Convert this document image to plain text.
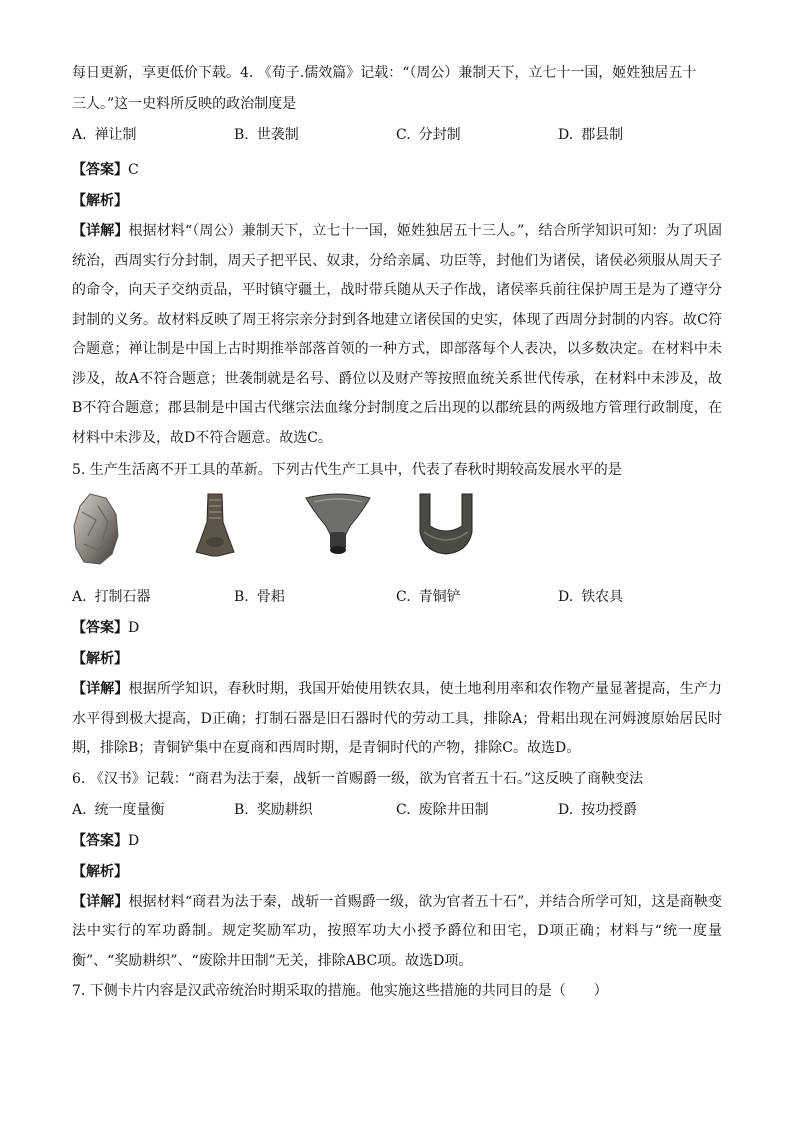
每日更新，享更低价下载。4. 《荀子.儒效篇》记载：“（周公）兼制天下，立七十一国，姬姓独居五十
三人。”这一史料所反映的政治制度是
A. 禅让制	B. 世袭制	C. 分封制	D. 郡县制
【答案】C
【解析】
【详解】根据材料“（周公）兼制天下，立七十一国，姬姓独居五十三人。”，结合所学知识可知：为了巩固统治，西周实行分封制，周天子把平民、奴隶，分给亲属、功臣等，封他们为诸侯，诸侯必须服从周天子的命令，向天子交纳贡品，平时镇守疆土，战时带兵随从天子作战，诸侯率兵前往保护周王是为了遵守分封制的义务。故材料反映了周王将宗亲分封到各地建立诸侯国的史实，体现了西周分封制的内容。故C符合题意；禅让制是中国上古时期推举部落首领的一种方式，即部落每个人表决，以多数决定。在材料中未涉及，故A不符合题意；世袭制就是名号、爵位以及财产等按照血统关系世代传承，在材料中未涉及，故B不符合题意；郡县制是中国古代继宗法血缘分封制度之后出现的以郡统县的两级地方管理行政制度，在材料中未涉及，故D不符合题意。故选C。
5. 生产生活离不开工具的革新。下列古代生产工具中，代表了春秋时期较高发展水平的是
A. 打制石器	B. 骨耜	C. 青铜铲	D. 铁农具
【答案】D
【解析】
【详解】根据所学知识，春秋时期，我国开始使用铁农具，使土地利用率和农作物产量显著提高，生产力水平得到极大提高，D正确；打制石器是旧石器时代的劳动工具，排除A；骨耜出现在河姆渡原始居民时期，排除B；青铜铲集中在夏商和西周时期，是青铜时代的产物，排除C。故选D。
6. 《汉书》记载：“商君为法于秦，战斩一首赐爵一级，欲为官者五十石。”这反映了商鞅变法
A. 统一度量衡	B. 奖励耕织	C. 废除井田制	D. 按功授爵
【答案】D
【解析】
【详解】根据材料“商君为法于秦，战斩一首赐爵一级，欲为官者五十石”，并结合所学可知，这是商鞅变法中实行的军功爵制。规定奖励军功，按照军功大小授予爵位和田宅，D项正确；材料与“统一度量衡”、“奖励耕织”、“废除井田制”无关，排除ABC项。故选D项。
7. 下侧卡片内容是汉武帝统治时期采取的措施。他实施这些措施的共同目的是（　　）
